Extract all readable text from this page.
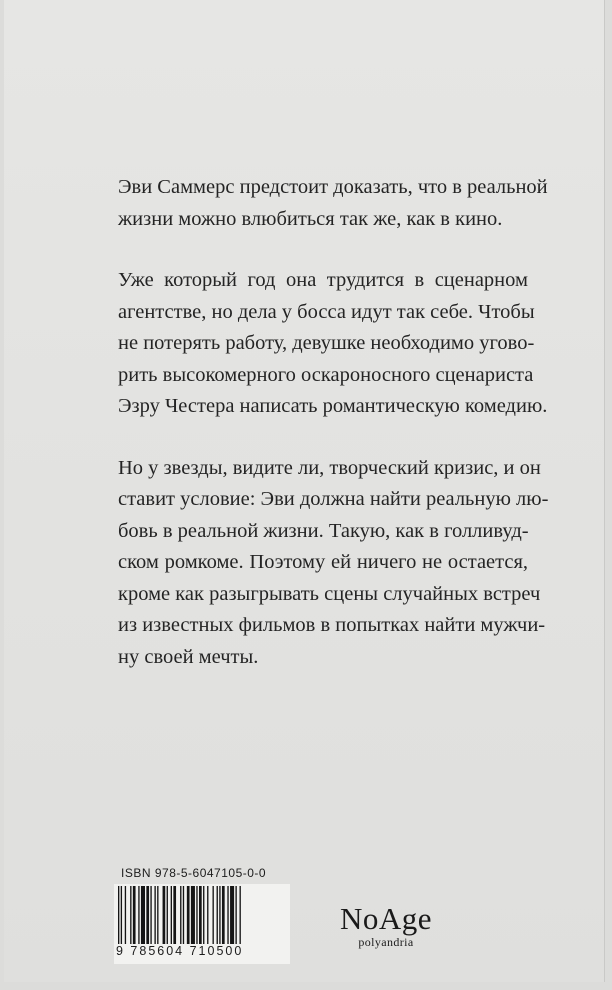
Эви Саммерс предстоит доказать, что в реальной
жизни можно влюбиться так же, как в кино.

Уже который год она трудится в сценарном
агентстве, но дела у босса идут так себе. Чтобы
не потерять работу, девушке необходимо угово-
рить высокомерного оскароносного сценариста
Эзру Честера написать романтическую комедию.

Но у звезды, видите ли, творческий кризис, и он
ставит условие: Эви должна найти реальную лю-
бовь в реальной жизни. Такую, как в голливуд-
ском ромкоме. Поэтому ей ничего не остается,
кроме как разыгрывать сцены случайных встреч
из известных фильмов в попытках найти мужчи-
ну своей мечты.

ISBN 978-5-6047105-0-0
9 785604 710500
NoAge
polyandria
